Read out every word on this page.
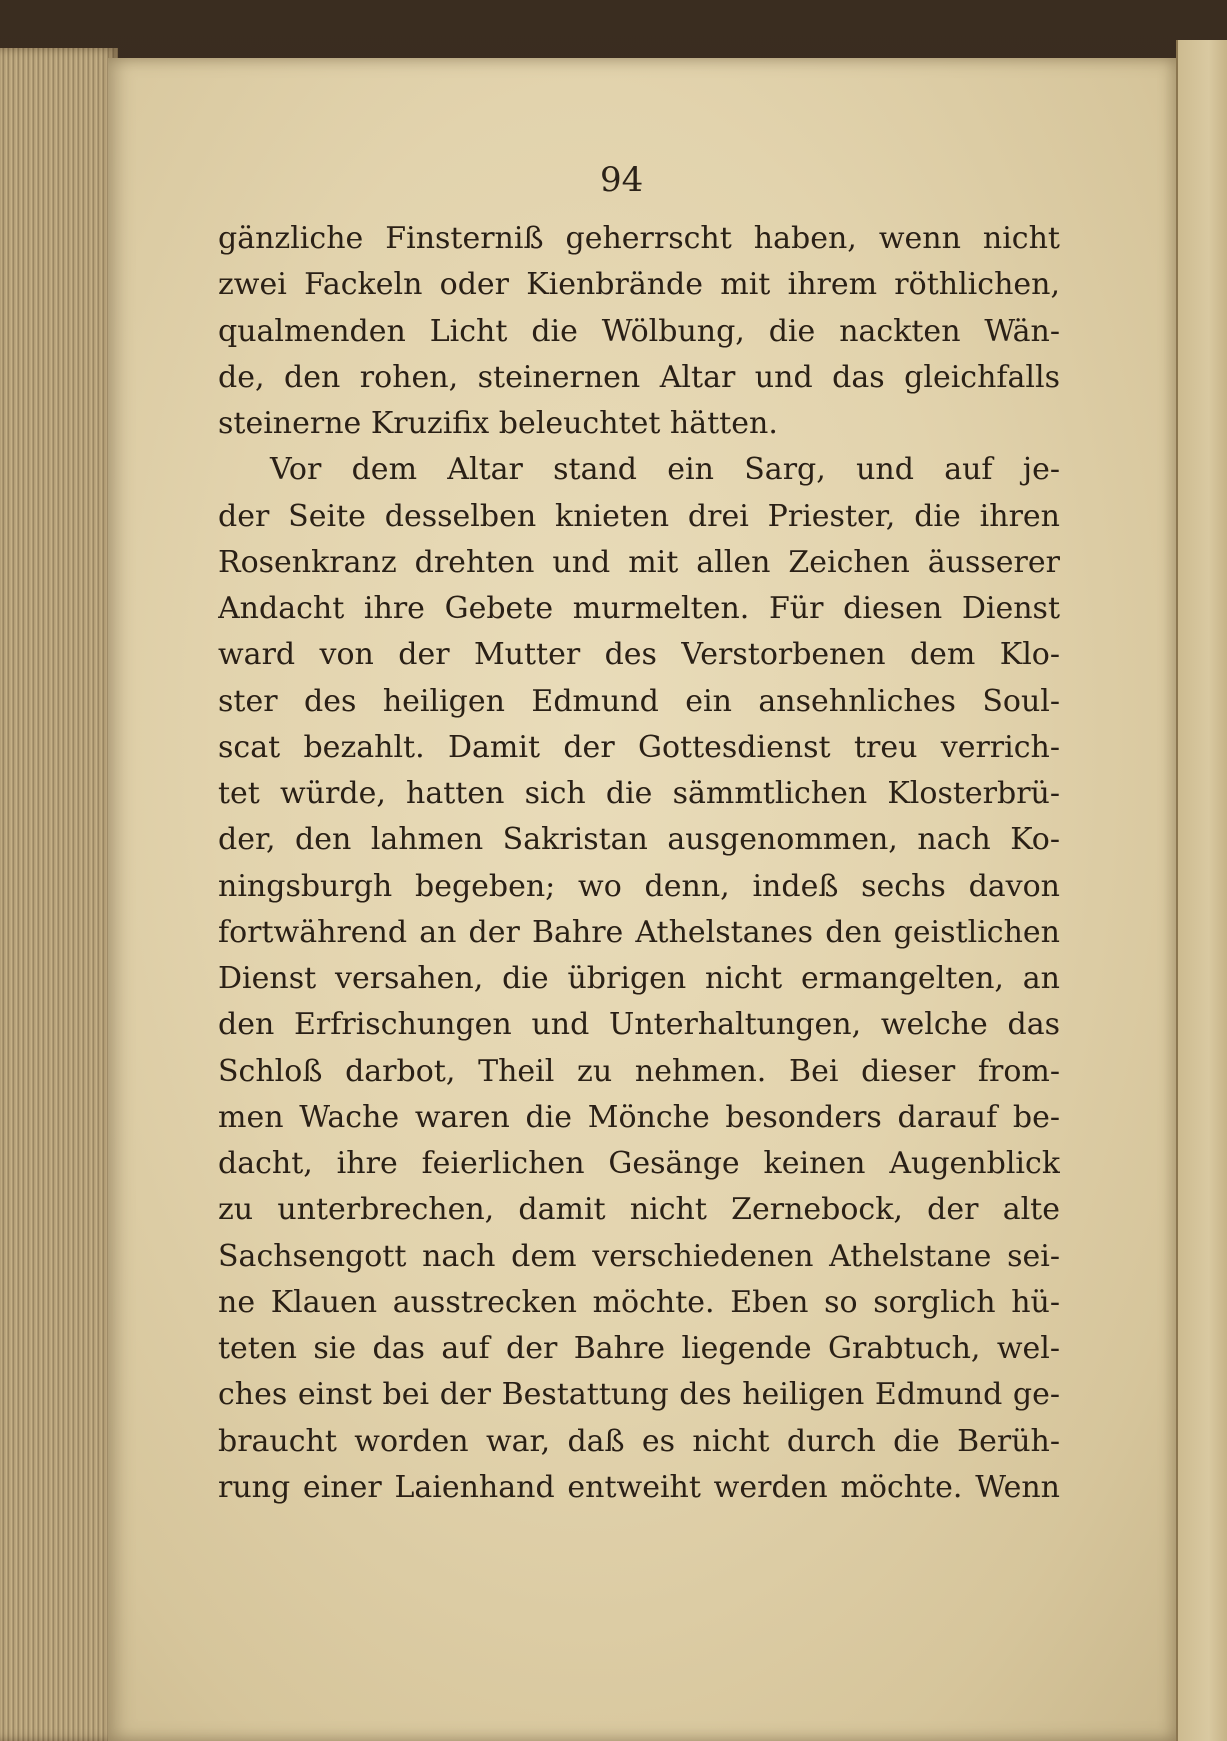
94

gänzliche Finsterniß geherrscht haben, wenn nicht
zwei Fackeln oder Kienbrände mit ihrem röthlichen,
qualmenden Licht die Wölbung, die nackten Wän-
de, den rohen, steinernen Altar und das gleichfalls
steinerne Kruzifix beleuchtet hätten.
Vor dem Altar stand ein Sarg, und auf je-
der Seite desselben knieten drei Priester, die ihren
Rosenkranz drehten und mit allen Zeichen äusserer
Andacht ihre Gebete murmelten. Für diesen Dienst
ward von der Mutter des Verstorbenen dem Klo-
ster des heiligen Edmund ein ansehnliches Soul-
scat bezahlt. Damit der Gottesdienst treu verrich-
tet würde, hatten sich die sämmtlichen Klosterbrü-
der, den lahmen Sakristan ausgenommen, nach Ko-
ningsburgh begeben; wo denn, indeß sechs davon
fortwährend an der Bahre Athelstanes den geistlichen
Dienst versahen, die übrigen nicht ermangelten, an
den Erfrischungen und Unterhaltungen, welche das
Schloß darbot, Theil zu nehmen. Bei dieser from-
men Wache waren die Mönche besonders darauf be-
dacht, ihre feierlichen Gesänge keinen Augenblick
zu unterbrechen, damit nicht Zernebock, der alte
Sachsengott nach dem verschiedenen Athelstane sei-
ne Klauen ausstrecken möchte. Eben so sorglich hü-
teten sie das auf der Bahre liegende Grabtuch, wel-
ches einst bei der Bestattung des heiligen Edmund ge-
braucht worden war, daß es nicht durch die Berüh-
rung einer Laienhand entweiht werden möchte. Wenn
